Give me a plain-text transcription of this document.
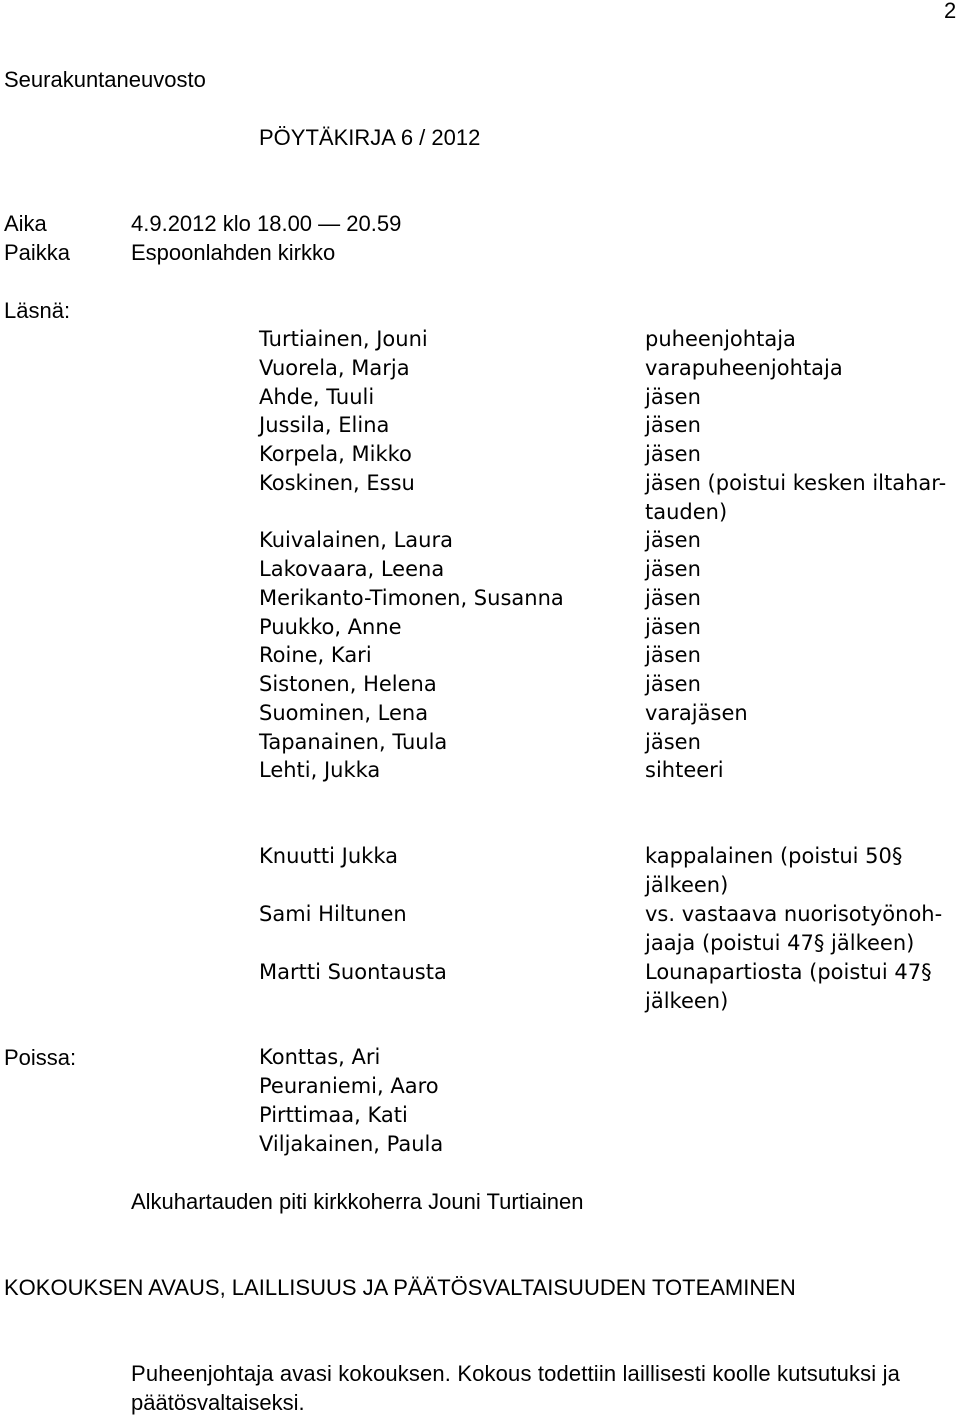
2
Seurakuntaneuvosto
PÖYTÄKIRJA 6 / 2012
Aika	4.9.2012 klo 18.00 — 20.59
Paikka	Espoonlahden kirkko
Läsnä:
Turtiainen, Jouni	puheenjohtaja
Vuorela, Marja	varapuheenjohtaja
Ahde, Tuuli	jäsen
Jussila, Elina	jäsen
Korpela, Mikko	jäsen
Koskinen, Essu	jäsen (poistui kesken iltahar-
tauden)
Kuivalainen, Laura	jäsen
Lakovaara, Leena	jäsen
Merikanto-Timonen, Susanna	jäsen
Puukko, Anne	jäsen
Roine, Kari	jäsen
Sistonen, Helena	jäsen
Suominen, Lena	varajäsen
Tapanainen, Tuula	jäsen
Lehti, Jukka	sihteeri
Knuutti Jukka	kappalainen (poistui 50§
jälkeen)
Sami Hiltunen	vs. vastaava nuorisotyönoh-
jaaja (poistui 47§ jälkeen)
Martti Suontausta	Lounapartiosta (poistui 47§
jälkeen)
Poissa:	Konttas, Ari
Peuraniemi, Aaro
Pirttimaa, Kati
Viljakainen, Paula
Alkuhartauden piti kirkkoherra Jouni Turtiainen
KOKOUKSEN AVAUS, LAILLISUUS JA PÄÄTÖSVALTAISUUDEN TOTEAMINEN
Puheenjohtaja avasi kokouksen. Kokous todettiin laillisesti koolle kutsutuksi ja
päätösvaltaiseksi.
